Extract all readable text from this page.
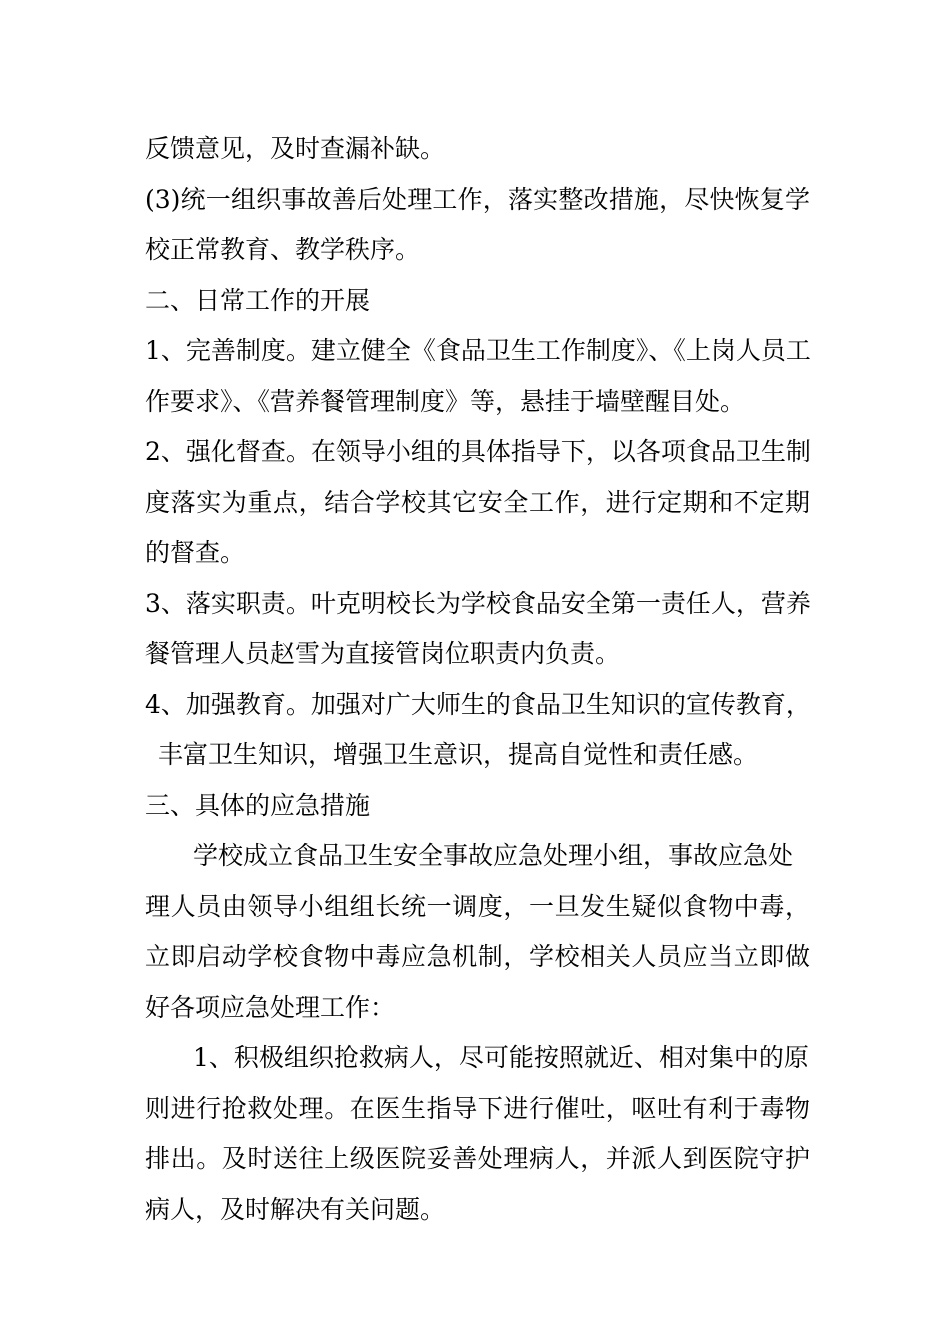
反馈意见，及时查漏补缺。
(3)统一组织事故善后处理工作，落实整改措施，尽快恢复学
校正常教育、教学秩序。
二、日常工作的开展
1、完善制度。建立健全《食品卫生工作制度》、《上岗人员工
作要求》、《营养餐管理制度》等，悬挂于墙壁醒目处。
2、强化督查。在领导小组的具体指导下，以各项食品卫生制
度落实为重点，结合学校其它安全工作，进行定期和不定期
的督查。
3、落实职责。叶克明校长为学校食品安全第一责任人，营养
餐管理人员赵雪为直接管岗位职责内负责。
4、加强教育。加强对广大师生的食品卫生知识的宣传教育，
丰富卫生知识，增强卫生意识，提高自觉性和责任感。
三、具体的应急措施
学校成立食品卫生安全事故应急处理小组，事故应急处
理人员由领导小组组长统一调度，一旦发生疑似食物中毒，
立即启动学校食物中毒应急机制，学校相关人员应当立即做
好各项应急处理工作：
1、积极组织抢救病人，尽可能按照就近、相对集中的原
则进行抢救处理。在医生指导下进行催吐，呕吐有利于毒物
排出。及时送往上级医院妥善处理病人，并派人到医院守护
病人，及时解决有关问题。
